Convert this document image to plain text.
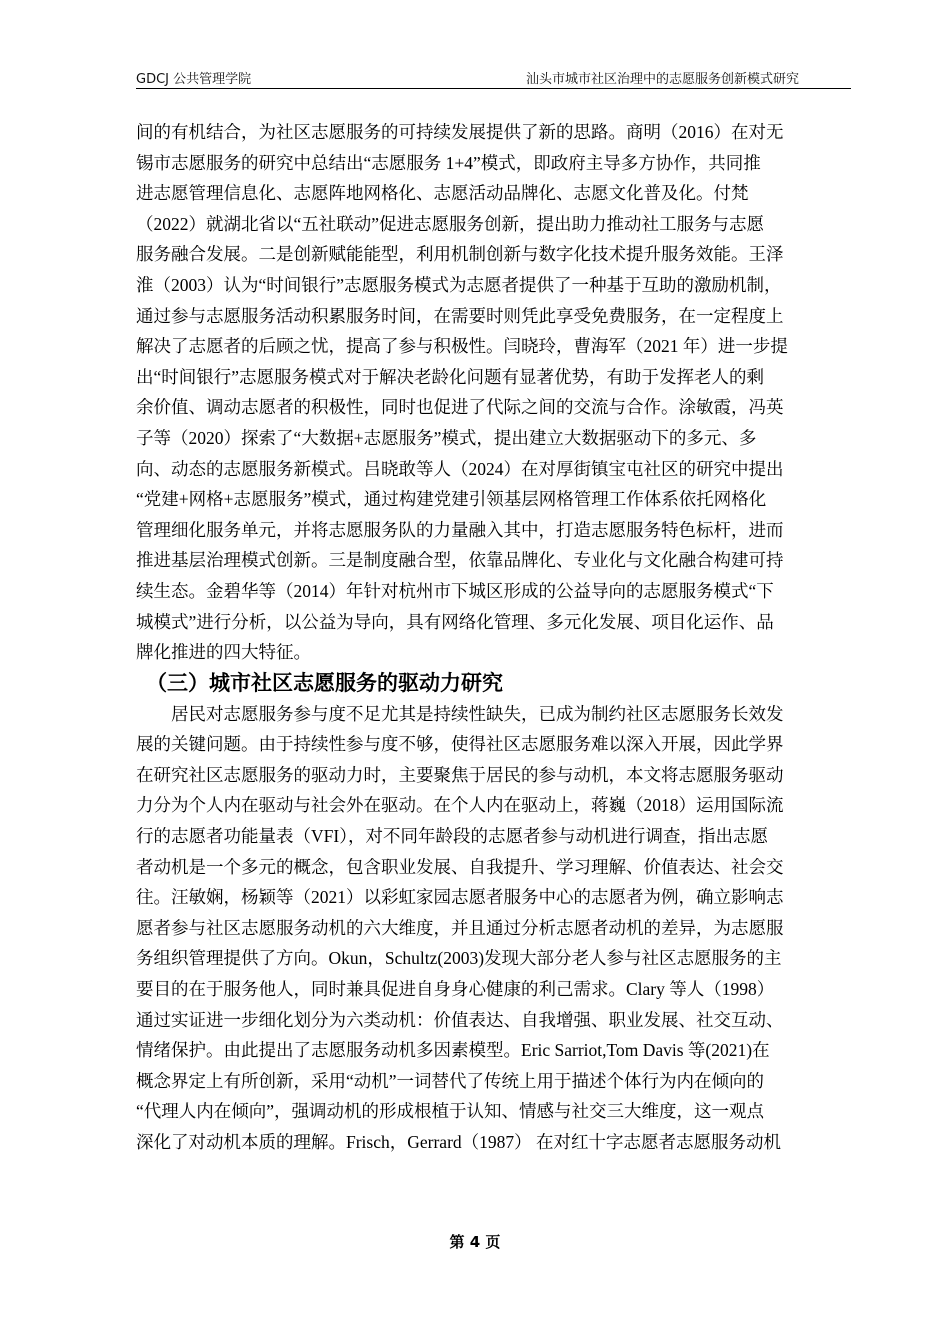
GDCJ 公共管理学院	汕头市城市社区治理中的志愿服务创新模式研究
间的有机结合，为社区志愿服务的可持续发展提供了新的思路。商明（2016）在对无
锡市志愿服务的研究中总结出“志愿服务 1+4”模式，即政府主导多方协作，共同推
进志愿管理信息化、志愿阵地网格化、志愿活动品牌化、志愿文化普及化。付梵
（2022）就湖北省以“五社联动”促进志愿服务创新，提出助力推动社工服务与志愿
服务融合发展。二是创新赋能能型，利用机制创新与数字化技术提升服务效能。王泽
淮（2003）认为“时间银行”志愿服务模式为志愿者提供了一种基于互助的激励机制，
通过参与志愿服务活动积累服务时间，在需要时则凭此享受免费服务，在一定程度上
解决了志愿者的后顾之忧，提高了参与积极性。闫晓玲，曹海军（2021 年）进一步提
出“时间银行”志愿服务模式对于解决老龄化问题有显著优势，有助于发挥老人的剩
余价值、调动志愿者的积极性，同时也促进了代际之间的交流与合作。涂敏霞，冯英
子等（2020）探索了“大数据+志愿服务”模式，提出建立大数据驱动下的多元、多
向、动态的志愿服务新模式。吕晓敢等人（2024）在对厚街镇宝屯社区的研究中提出
“党建+网格+志愿服务”模式，通过构建党建引领基层网格管理工作体系依托网格化
管理细化服务单元，并将志愿服务队的力量融入其中，打造志愿服务特色标杆，进而
推进基层治理模式创新。三是制度融合型，依靠品牌化、专业化与文化融合构建可持
续生态。金碧华等（2014）年针对杭州市下城区形成的公益导向的志愿服务模式“下
城模式”进行分析，以公益为导向，具有网络化管理、多元化发展、项目化运作、品
牌化推进的四大特征。
（三）城市社区志愿服务的驱动力研究
　　居民对志愿服务参与度不足尤其是持续性缺失，已成为制约社区志愿服务长效发
展的关键问题。由于持续性参与度不够，使得社区志愿服务难以深入开展，因此学界
在研究社区志愿服务的驱动力时，主要聚焦于居民的参与动机，本文将志愿服务驱动
力分为个人内在驱动与社会外在驱动。在个人内在驱动上，蒋巍（2018）运用国际流
行的志愿者功能量表（VFI），对不同年龄段的志愿者参与动机进行调查，指出志愿
者动机是一个多元的概念，包含职业发展、自我提升、学习理解、价值表达、社会交
往。汪敏娴，杨颖等（2021）以彩虹家园志愿者服务中心的志愿者为例，确立影响志
愿者参与社区志愿服务动机的六大维度，并且通过分析志愿者动机的差异，为志愿服
务组织管理提供了方向。Okun，Schultz(2003)发现大部分老人参与社区志愿服务的主
要目的在于服务他人，同时兼具促进自身身心健康的利己需求。Clary 等人（1998）
通过实证进一步细化划分为六类动机：价值表达、自我增强、职业发展、社交互动、
情绪保护。由此提出了志愿服务动机多因素模型。Eric Sarriot,Tom Davis 等(2021)在
概念界定上有所创新，采用“动机”一词替代了传统上用于描述个体行为内在倾向的
“代理人内在倾向”，强调动机的形成根植于认知、情感与社交三大维度，这一观点
深化了对动机本质的理解。Frisch，Gerrard（1987） 在对红十字志愿者志愿服务动机
第 4 页
